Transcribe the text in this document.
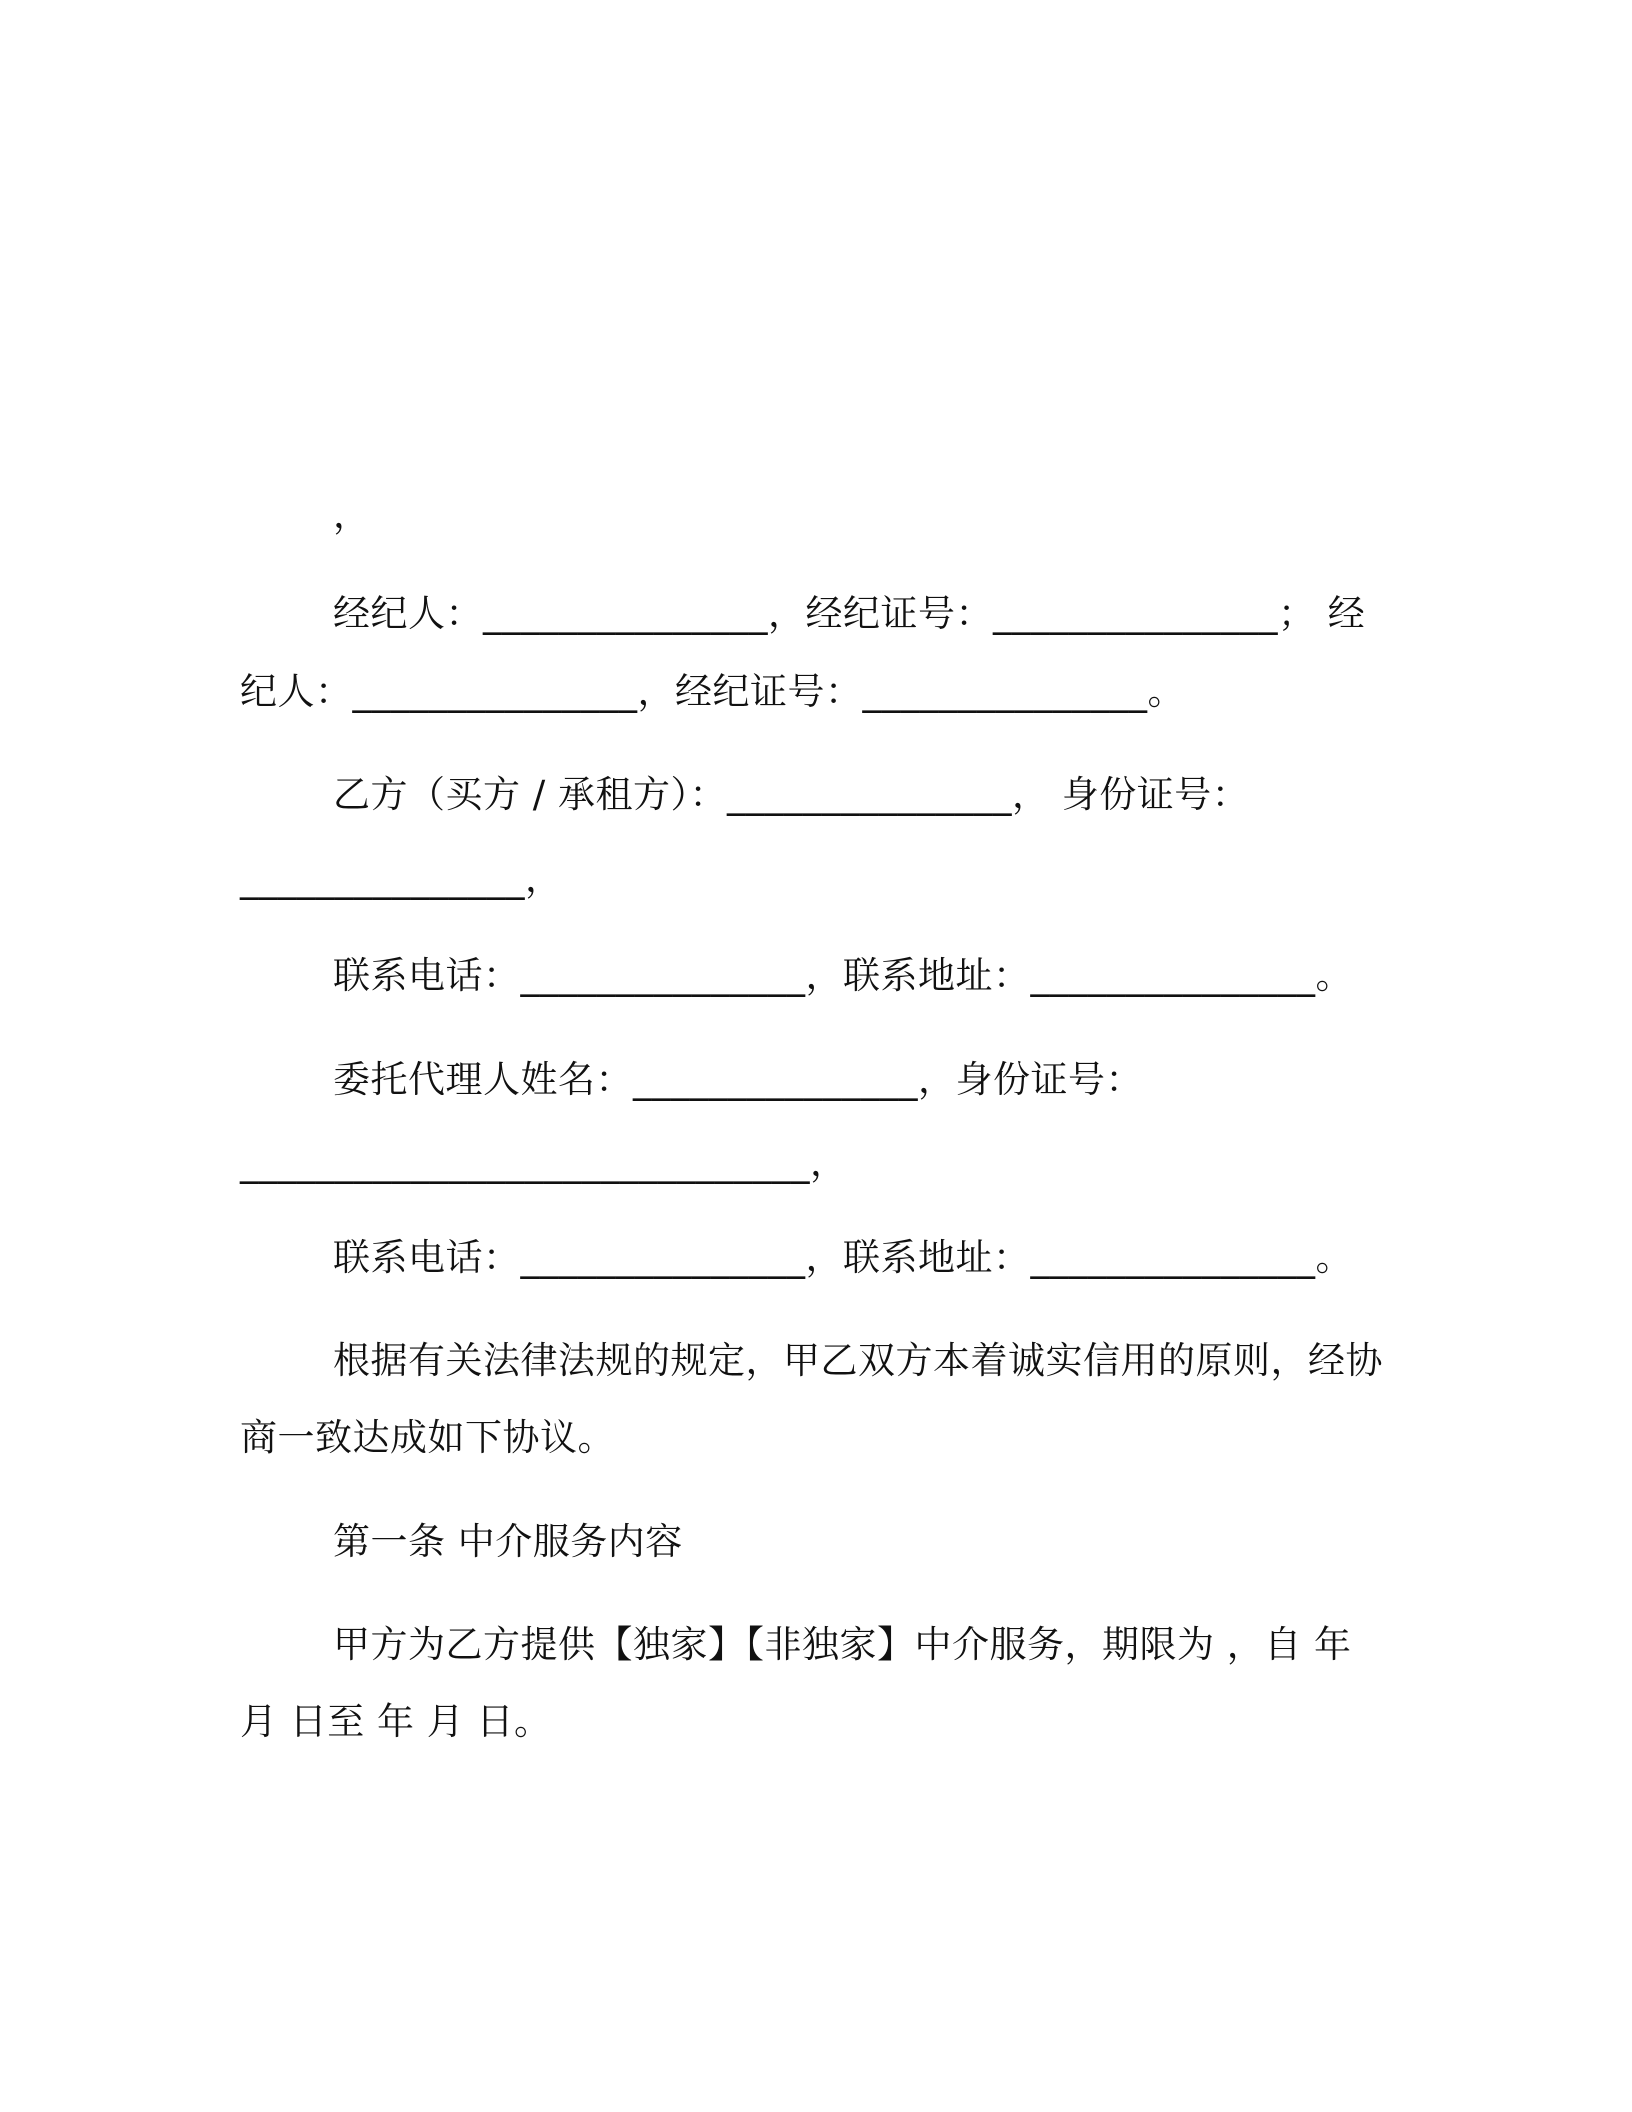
，
经纪人：_______________，经纪证号：_______________； 经
纪人：_______________，经纪证号：_______________。
乙方（买方 / 承租方）：_______________， 身份证号：
_______________，
联系电话：_______________，联系地址：_______________。
委托代理人姓名：_______________，身份证号：
______________________________，
联系电话：_______________，联系地址：_______________。
根据有关法律法规的规定，甲乙双方本着诚实信用的原则，经协
商一致达成如下协议。
第一条 中介服务内容
甲方为乙方提供【独家】【非独家】中介服务，期限为 ，自 年
月 日至 年 月 日。
